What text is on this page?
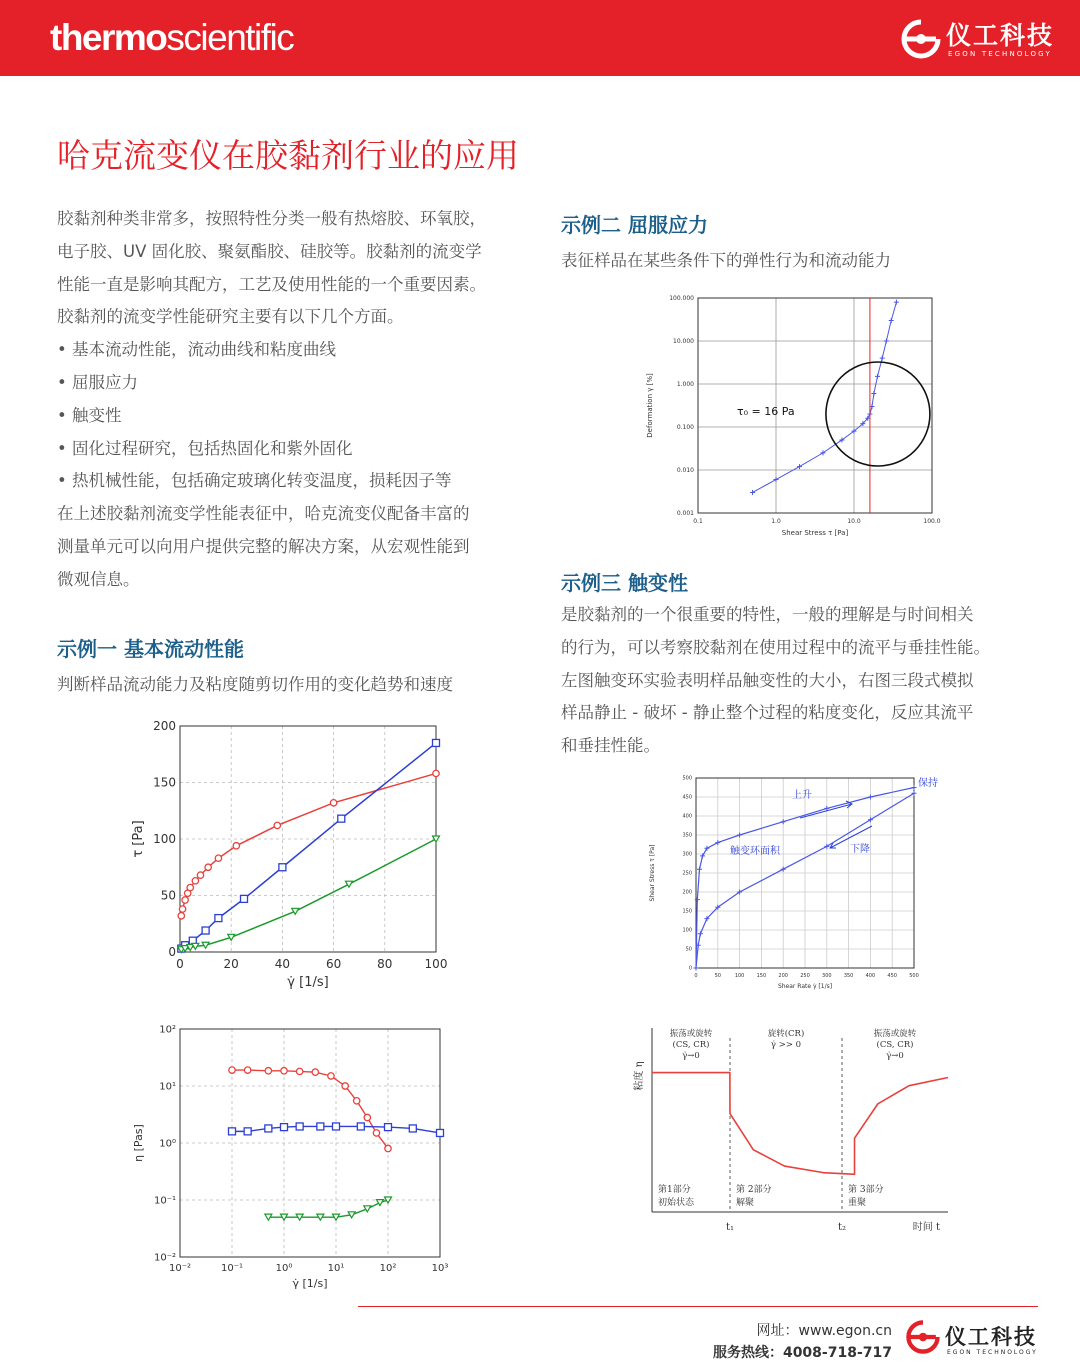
thermoscientific	仪工科技
EGON TECHNOLOGY
哈克流变仪在胶黏剂行业的应用

胶黏剂种类非常多，按照特性分类一般有热熔胶、环氧胶，

电子胶、UV 固化胶、聚氨酯胶、硅胶等。胶黏剂的流变学

性能一直是影响其配方，工艺及使用性能的一个重要因素。

胶黏剂的流变学性能研究主要有以下几个方面。

• 基本流动性能，流动曲线和粘度曲线

• 屈服应力

• 触变性

• 固化过程研究，包括热固化和紫外固化

• 热机械性能，包括确定玻璃化转变温度，损耗因子等

在上述胶黏剂流变学性能表征中，哈克流变仪配备丰富的

测量单元可以向用户提供完整的解决方案，从宏观性能到

微观信息。

示例一 基本流动性能
判断样品流动能力及粘度随剪切作用的变化趋势和速度
示例二 屈服应力
表征样品在某些条件下的弹性行为和流动能力
示例三 触变性

是胶黏剂的一个很重要的特性，一般的理解是与时间相关

的行为，可以考察胶黏剂在使用过程中的流平与垂挂性能。

左图触变环实验表明样品触变性的大小，右图三段式模拟

样品静止 - 破坏 - 静止整个过程的粘度变化，反应其流平

和垂挂性能。

0	20	40	60	80	100
0
50
100
150
200
γ̇ [1/s]
τ [Pa]
10⁻²	10⁻¹	10⁰	10¹	10²	10³
10⁻²
10⁻¹
10⁰
10¹
10²
γ̇ [1/s]
η [Pas]
0.1	1.0	10.0	100.0
0.001
0.010
0.100
1.000
10.000
100.000
Shear Stress τ [Pa]
Deformation γ [%]	τ₀ = 16 Pa
0	50	100 150 200 250 300 350 400 450 500
0
50
100
150
200
250
300
350
400
450
500
Shear Rate γ̇ [1/s]
Shear Stress τ [Pa]
上升
下降
保持
触变环面积
粘度 η
时间 t
振荡或旋转
(CS, CR)
γ̇→0
第1部分
初始状态
t₁
旋转(CR)
γ̇ >> 0
第 2部分
解聚
t₂
振荡或旋转
(CS, CR)
γ̇→0
第 3部分
重聚
网址：www.egon.cn
服务热线：4008-718-717
仪工科技
EGON TECHNOLOGY
